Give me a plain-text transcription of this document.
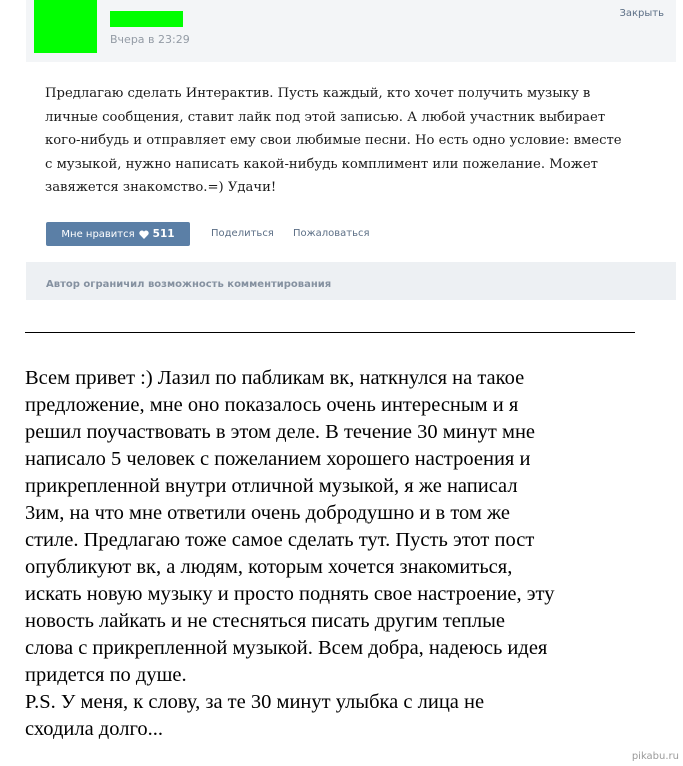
Вчера в 23:29
Закрыть
Предлагаю сделать Интерактив. Пусть каждый, кто хочет получить музыку в
личные сообщения, ставит лайк под этой записью. А любой участник выбирает
кого-нибудь и отправляет ему свои любимые песни. Но есть одно условие: вместе
с музыкой, нужно написать какой-нибудь комплимент или пожелание. Может
завяжется знакомство.=) Удачи!
Мне нравится 511	Поделиться Пожаловаться
Автор ограничил возможность комментирования
Всем привет :) Лазил по пабликам вк, наткнулся на такое
предложение, мне оно показалось очень интересным и я
решил поучаствовать в этом деле. В течение 30 минут мне
написало 5 человек с пожеланием хорошего настроения и
прикрепленной внутри отличной музыкой, я же написал
3им, на что мне ответили очень добродушно и в том же
стиле. Предлагаю тоже самое сделать тут. Пусть этот пост
опубликуют вк, а людям, которым хочется знакомиться,
искать новую музыку и просто поднять свое настроение, эту
новость лайкать и не стесняться писать другим теплые
слова с прикрепленной музыкой. Всем добра, надеюсь идея
придется по душе.
P.S. У меня, к слову, за те 30 минут улыбка с лица не
сходила долго...
pikabu.ru
